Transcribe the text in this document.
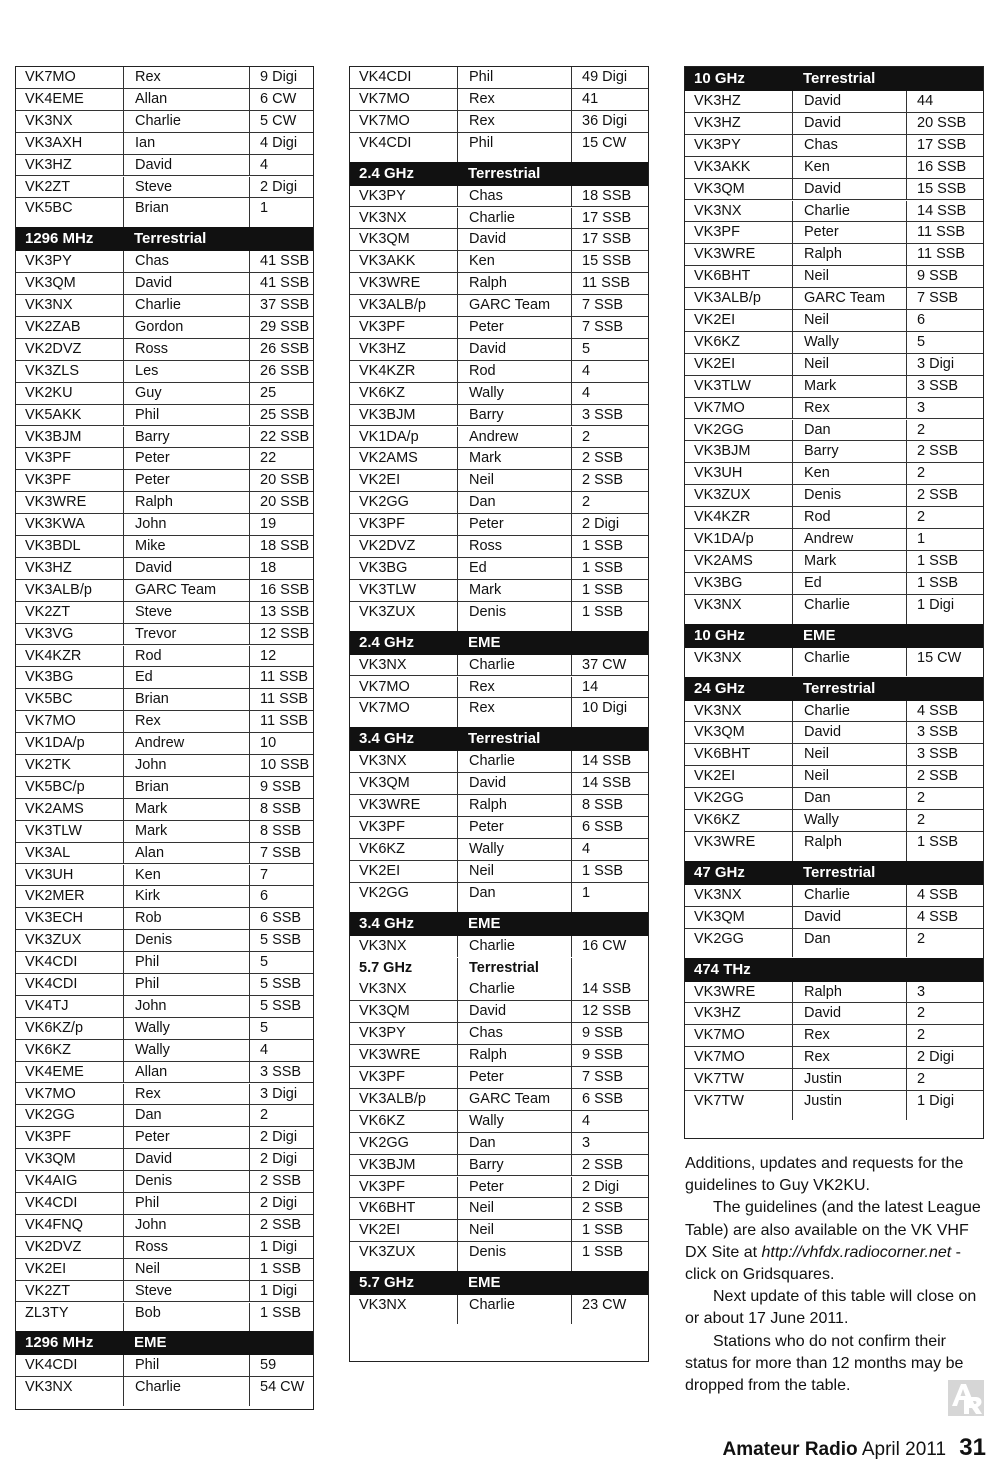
VK7MO	Rex	9 Digi
VK4EME	Allan	6 CW
VK3NX	Charlie	5 CW
VK3AXH	Ian	4 Digi
VK3HZ	David	4
VK2ZT	Steve	2 Digi
VK5BC	Brian	1
1296 MHz	Terrestrial
VK3PY	Chas	41 SSB
VK3QM	David	41 SSB
VK3NX	Charlie	37 SSB
VK2ZAB	Gordon	29 SSB
VK2DVZ	Ross	26 SSB
VK3ZLS	Les	26 SSB
VK2KU	Guy	25
VK5AKK	Phil	25 SSB
VK3BJM	Barry	22 SSB
VK3PF	Peter	22
VK3PF	Peter	20 SSB
VK3WRE	Ralph	20 SSB
VK3KWA	John	19
VK3BDL	Mike	18 SSB
VK3HZ	David	18
VK3ALB/p	GARC Team	16 SSB
VK2ZT	Steve	13 SSB
VK3VG	Trevor	12 SSB
VK4KZR	Rod	12
VK3BG	Ed	11 SSB
VK5BC	Brian	11 SSB
VK7MO	Rex	11 SSB
VK1DA/p	Andrew	10
VK2TK	John	10 SSB
VK5BC/p	Brian	9 SSB
VK2AMS	Mark	8 SSB
VK3TLW	Mark	8 SSB
VK3AL	Alan	7 SSB
VK3UH	Ken	7
VK2MER	Kirk	6
VK3ECH	Rob	6 SSB
VK3ZUX	Denis	5 SSB
VK4CDI	Phil	5
VK4CDI	Phil	5 SSB
VK4TJ	John	5 SSB
VK6KZ/p	Wally	5
VK6KZ	Wally	4
VK4EME	Allan	3 SSB
VK7MO	Rex	3 Digi
VK2GG	Dan	2
VK3PF	Peter	2 Digi
VK3QM	David	2 Digi
VK4AIG	Denis	2 SSB
VK4CDI	Phil	2 Digi
VK4FNQ	John	2 SSB
VK2DVZ	Ross	1 Digi
VK2EI	Neil	1 SSB
VK2ZT	Steve	1 Digi
ZL3TY	Bob	1 SSB
1296 MHz	EME
VK4CDI	Phil	59
VK3NX	Charlie	54 CW
VK4CDI	Phil	49 Digi
VK7MO	Rex	41
VK7MO	Rex	36 Digi
VK4CDI	Phil	15 CW
2.4 GHz	Terrestrial
VK3PY	Chas	18 SSB
VK3NX	Charlie	17 SSB
VK3QM	David	17 SSB
VK3AKK	Ken	15 SSB
VK3WRE	Ralph	11 SSB
VK3ALB/p	GARC Team	7 SSB
VK3PF	Peter	7 SSB
VK3HZ	David	5
VK4KZR	Rod	4
VK6KZ	Wally	4
VK3BJM	Barry	3 SSB
VK1DA/p	Andrew	2
VK2AMS	Mark	2 SSB
VK2EI	Neil	2 SSB
VK2GG	Dan	2
VK3PF	Peter	2 Digi
VK2DVZ	Ross	1 SSB
VK3BG	Ed	1 SSB
VK3TLW	Mark	1 SSB
VK3ZUX	Denis	1 SSB
2.4 GHz	EME
VK3NX	Charlie	37 CW
VK7MO	Rex	14
VK7MO	Rex	10 Digi
3.4 GHz	Terrestrial
VK3NX	Charlie	14 SSB
VK3QM	David	14 SSB
VK3WRE	Ralph	8 SSB
VK3PF	Peter	6 SSB
VK6KZ	Wally	4
VK2EI	Neil	1 SSB
VK2GG	Dan	1
3.4 GHz	EME
VK3NX	Charlie	16 CW
5.7 GHz	Terrestrial
VK3NX	Charlie	14 SSB
VK3QM	David	12 SSB
VK3PY	Chas	9 SSB
VK3WRE	Ralph	9 SSB
VK3PF	Peter	7 SSB
VK3ALB/p	GARC Team	6 SSB
VK6KZ	Wally	4
VK2GG	Dan	3
VK3BJM	Barry	2 SSB
VK3PF	Peter	2 Digi
VK6BHT	Neil	2 SSB
VK2EI	Neil	1 SSB
VK3ZUX	Denis	1 SSB
5.7 GHz	EME
VK3NX	Charlie	23 CW
10 GHz	Terrestrial
VK3HZ	David	44
VK3HZ	David	20 SSB
VK3PY	Chas	17 SSB
VK3AKK	Ken	16 SSB
VK3QM	David	15 SSB
VK3NX	Charlie	14 SSB
VK3PF	Peter	11 SSB
VK3WRE	Ralph	11 SSB
VK6BHT	Neil	9 SSB
VK3ALB/p	GARC Team	7 SSB
VK2EI	Neil	6
VK6KZ	Wally	5
VK2EI	Neil	3 Digi
VK3TLW	Mark	3 SSB
VK7MO	Rex	3
VK2GG	Dan	2
VK3BJM	Barry	2 SSB
VK3UH	Ken	2
VK3ZUX	Denis	2 SSB
VK4KZR	Rod	2
VK1DA/p	Andrew	1
VK2AMS	Mark	1 SSB
VK3BG	Ed	1 SSB
VK3NX	Charlie	1 Digi
10 GHz	EME
VK3NX	Charlie	15 CW
24 GHz	Terrestrial
VK3NX	Charlie	4 SSB
VK3QM	David	3 SSB
VK6BHT	Neil	3 SSB
VK2EI	Neil	2 SSB
VK2GG	Dan	2
VK6KZ	Wally	2
VK3WRE	Ralph	1 SSB
47 GHz	Terrestrial
VK3NX	Charlie	4 SSB
VK3QM	David	4 SSB
VK2GG	Dan	2
474 THz
VK3WRE	Ralph	3
VK3HZ	David	2
VK7MO	Rex	2
VK7MO	Rex	2 Digi
VK7TW	Justin	2
VK7TW	Justin	1 Digi

Additions, updates and requests for the guidelines to Guy VK2KU.

The guidelines (and the latest League Table) are also available on the VK VHF DX Site at http://vhfdx.radiocorner.net - click on Gridsquares.

Next update of this table will close on or about 17 June 2011.

Stations who do not confirm their status for more than 12 months may be dropped from the table.

Amateur Radio April 2011 31
